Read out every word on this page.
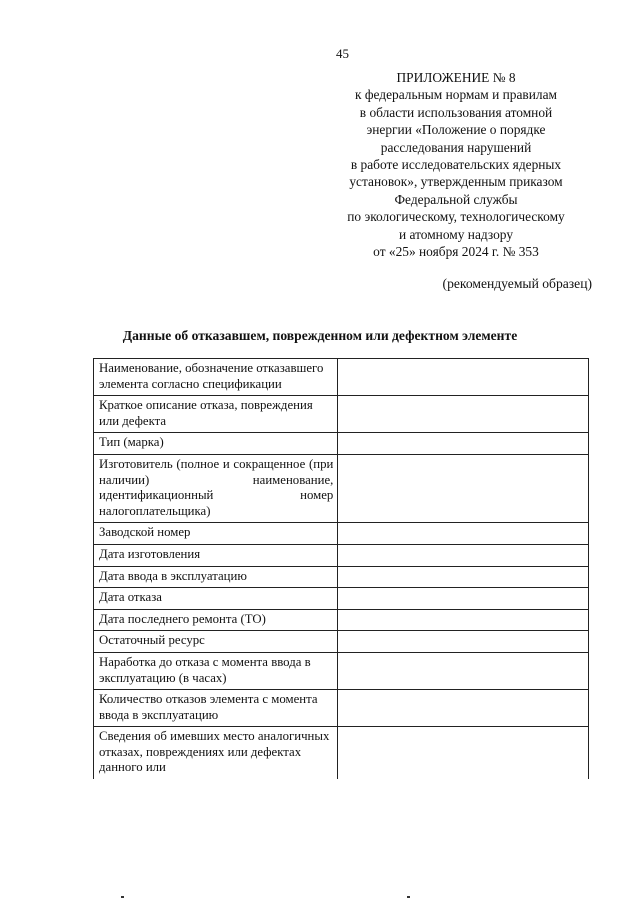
45
ПРИЛОЖЕНИЕ № 8
к федеральным нормам и правилам
в области использования атомной
энергии «Положение о порядке
расследования нарушений
в работе исследовательских ядерных
установок», утвержденным приказом
Федеральной службы
по экологическому, технологическому
и атомному надзору
от «25» ноября 2024 г. № 353
(рекомендуемый образец)
Данные об отказавшем, поврежденном или дефектном элементе
Наименование, обозначение отказавшего элемента согласно спецификации	
Краткое описание отказа, повреждения или дефекта	
Тип (марка)	
Изготовитель (полное и сокращенное (при наличии) наименование, идентификационный номер налогоплательщика)	
Заводской номер	
Дата изготовления	
Дата ввода в эксплуатацию	
Дата отказа	
Дата последнего ремонта (ТО)	
Остаточный ресурс	
Наработка до отказа с момента ввода в эксплуатацию (в часах)	
Количество отказов элемента с момента ввода в эксплуатацию	
Сведения об имевших место аналогичных отказах, повреждениях или дефектах данного или	
